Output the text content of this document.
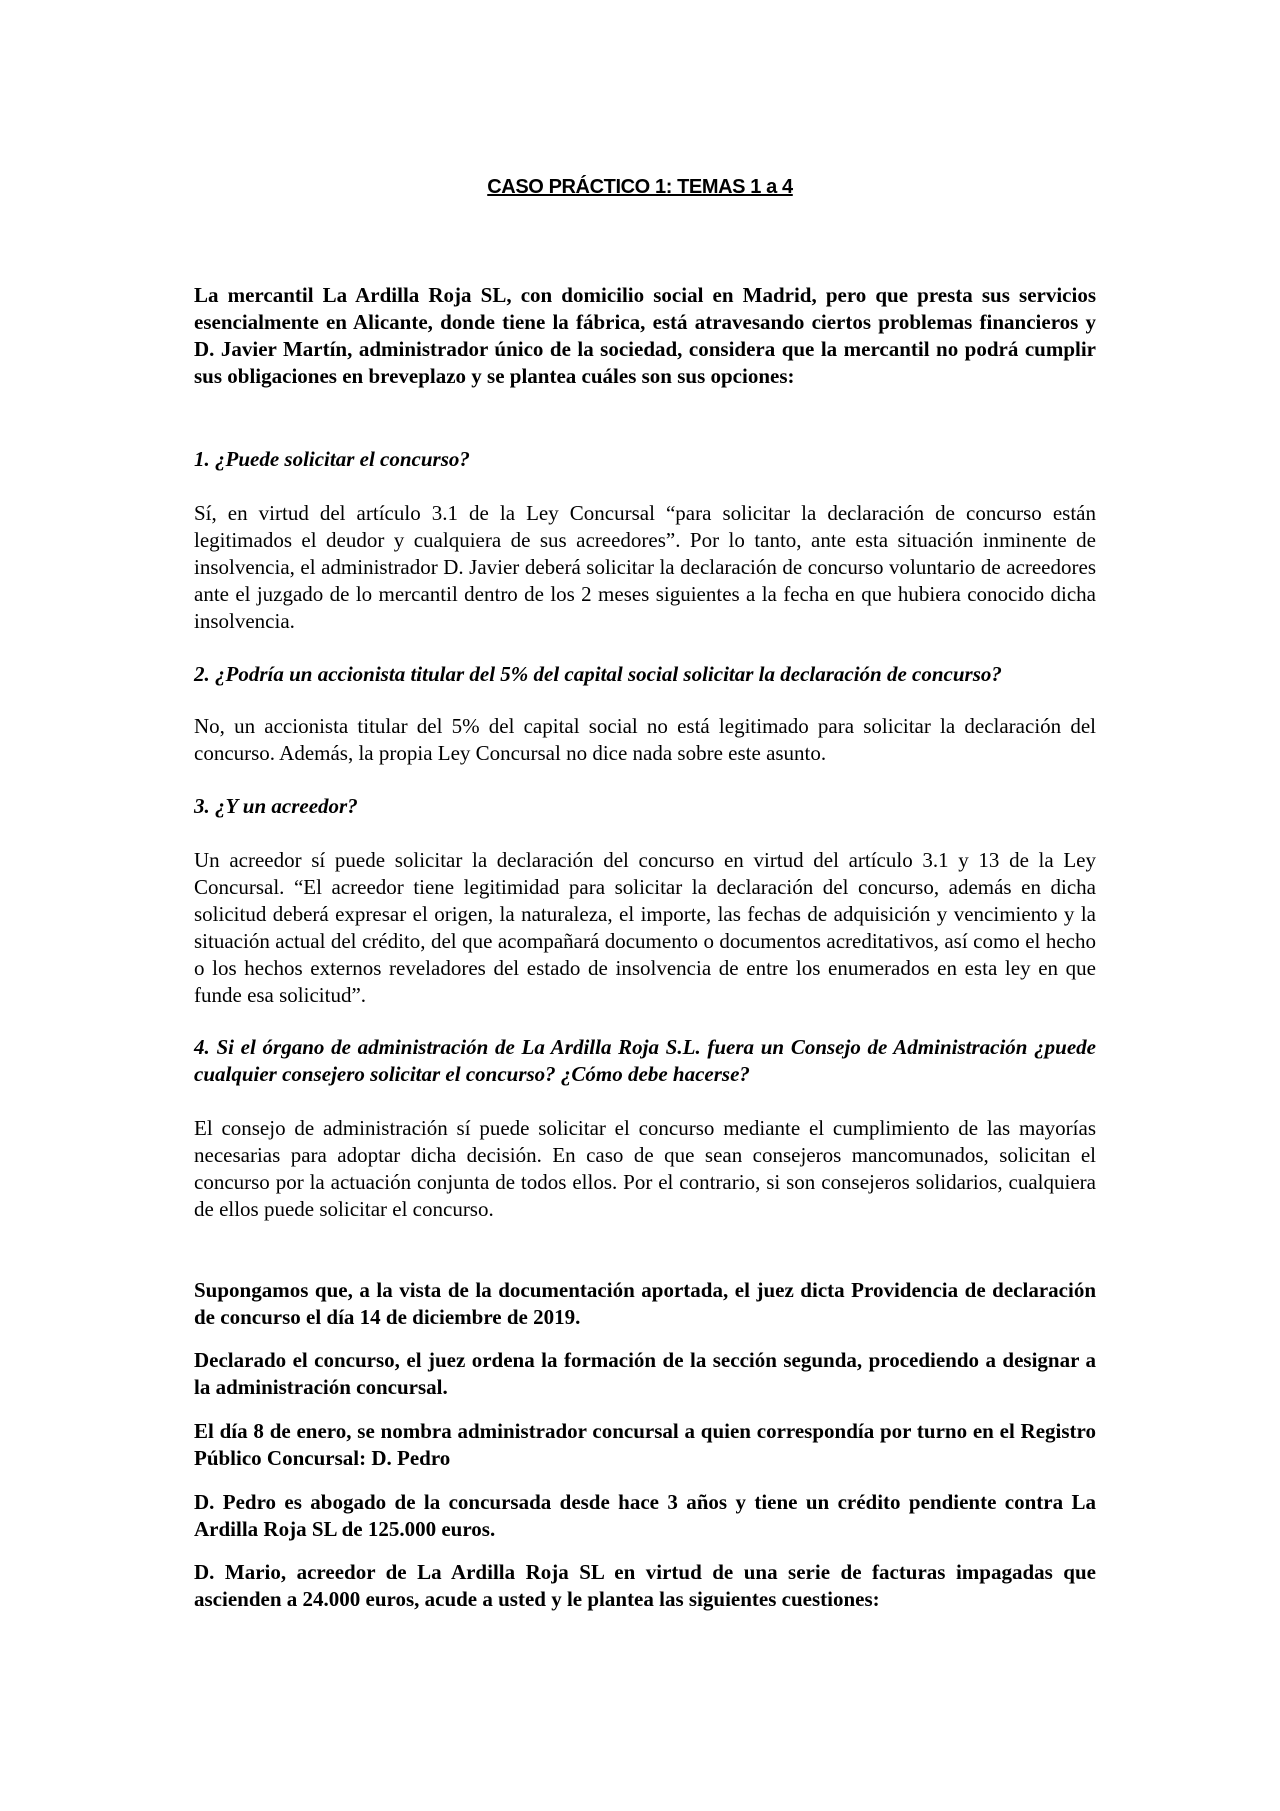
CASO PRÁCTICO 1: TEMAS 1 a 4

La mercantil La Ardilla Roja SL, con domicilio social en Madrid, pero que presta sus servicios esencialmente en Alicante, donde tiene la fábrica, está atravesando ciertos problemas financieros y D. Javier Martín, administrador único de la sociedad, considera que la mercantil no podrá cumplir sus obligaciones en breveplazo y se plantea cuáles son sus opciones:

1. ¿Puede solicitar el concurso?

Sí, en virtud del artículo 3.1 de la Ley Concursal “para solicitar la declaración de concurso están legitimados el deudor y cualquiera de sus acreedores”. Por lo tanto, ante esta situación inminente de insolvencia, el administrador D. Javier deberá solicitar la declaración de concurso voluntario de acreedores ante el juzgado de lo mercantil dentro de los 2 meses siguientes a la fecha en que hubiera conocido dicha insolvencia.

2. ¿Podría un accionista titular del 5% del capital social solicitar la declaración de concurso?

No, un accionista titular del 5% del capital social no está legitimado para solicitar la declaración del concurso. Además, la propia Ley Concursal no dice nada sobre este asunto.

3. ¿Y un acreedor?

Un acreedor sí puede solicitar la declaración del concurso en virtud del artículo 3.1 y 13 de la Ley Concursal. “El acreedor tiene legitimidad para solicitar la declaración del concurso, además en dicha solicitud deberá expresar el origen, la naturaleza, el importe, las fechas de adquisición y vencimiento y la situación actual del crédito, del que acompañará documento o documentos acreditativos, así como el hecho o los hechos externos reveladores del estado de insolvencia de entre los enumerados en esta ley en que funde esa solicitud”.

4. Si el órgano de administración de La Ardilla Roja S.L. fuera un Consejo de Administración ¿puede cualquier consejero solicitar el concurso? ¿Cómo debe hacerse?

El consejo de administración sí puede solicitar el concurso mediante el cumplimiento de las mayorías necesarias para adoptar dicha decisión. En caso de que sean consejeros mancomunados, solicitan el concurso por la actuación conjunta de todos ellos. Por el contrario, si son consejeros solidarios, cualquiera de ellos puede solicitar el concurso.

Supongamos que, a la vista de la documentación aportada, el juez dicta Providencia de declaración de concurso el día 14 de diciembre de 2019.

Declarado el concurso, el juez ordena la formación de la sección segunda, procediendo a designar a la administración concursal.

El día 8 de enero, se nombra administrador concursal a quien correspondía por turno en el Registro Público Concursal: D. Pedro

D. Pedro es abogado de la concursada desde hace 3 años y tiene un crédito pendiente contra La Ardilla Roja SL de 125.000 euros.

D. Mario, acreedor de La Ardilla Roja SL en virtud de una serie de facturas impagadas que ascienden a 24.000 euros, acude a usted y le plantea las siguientes cuestiones:
